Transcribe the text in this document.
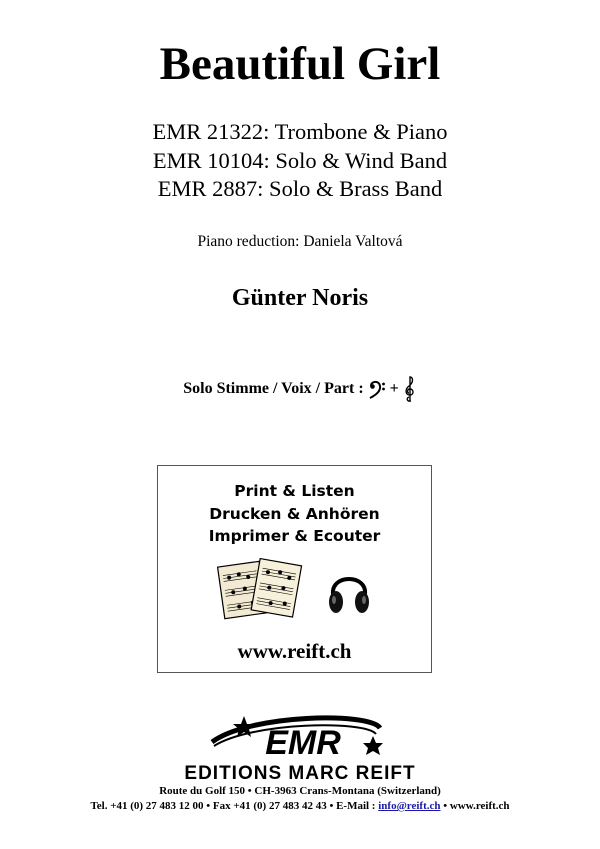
Beautiful Girl
EMR 21322: Trombone & Piano
EMR 10104: Solo & Wind Band
EMR 2887: Solo & Brass Band
Piano reduction: Daniela Valtová
Günter Noris
Solo Stimme / Voix / Part : +
Print & Listen
Drucken & Anhören
Imprimer & Ecouter
www.reift.ch
EMR
EDITIONS MARC REIFT
Route du Golf 150 • CH-3963 Crans-Montana (Switzerland)
Tel. +41 (0) 27 483 12 00 • Fax +41 (0) 27 483 42 43 • E-Mail : info@reift.ch • www.reift.ch
